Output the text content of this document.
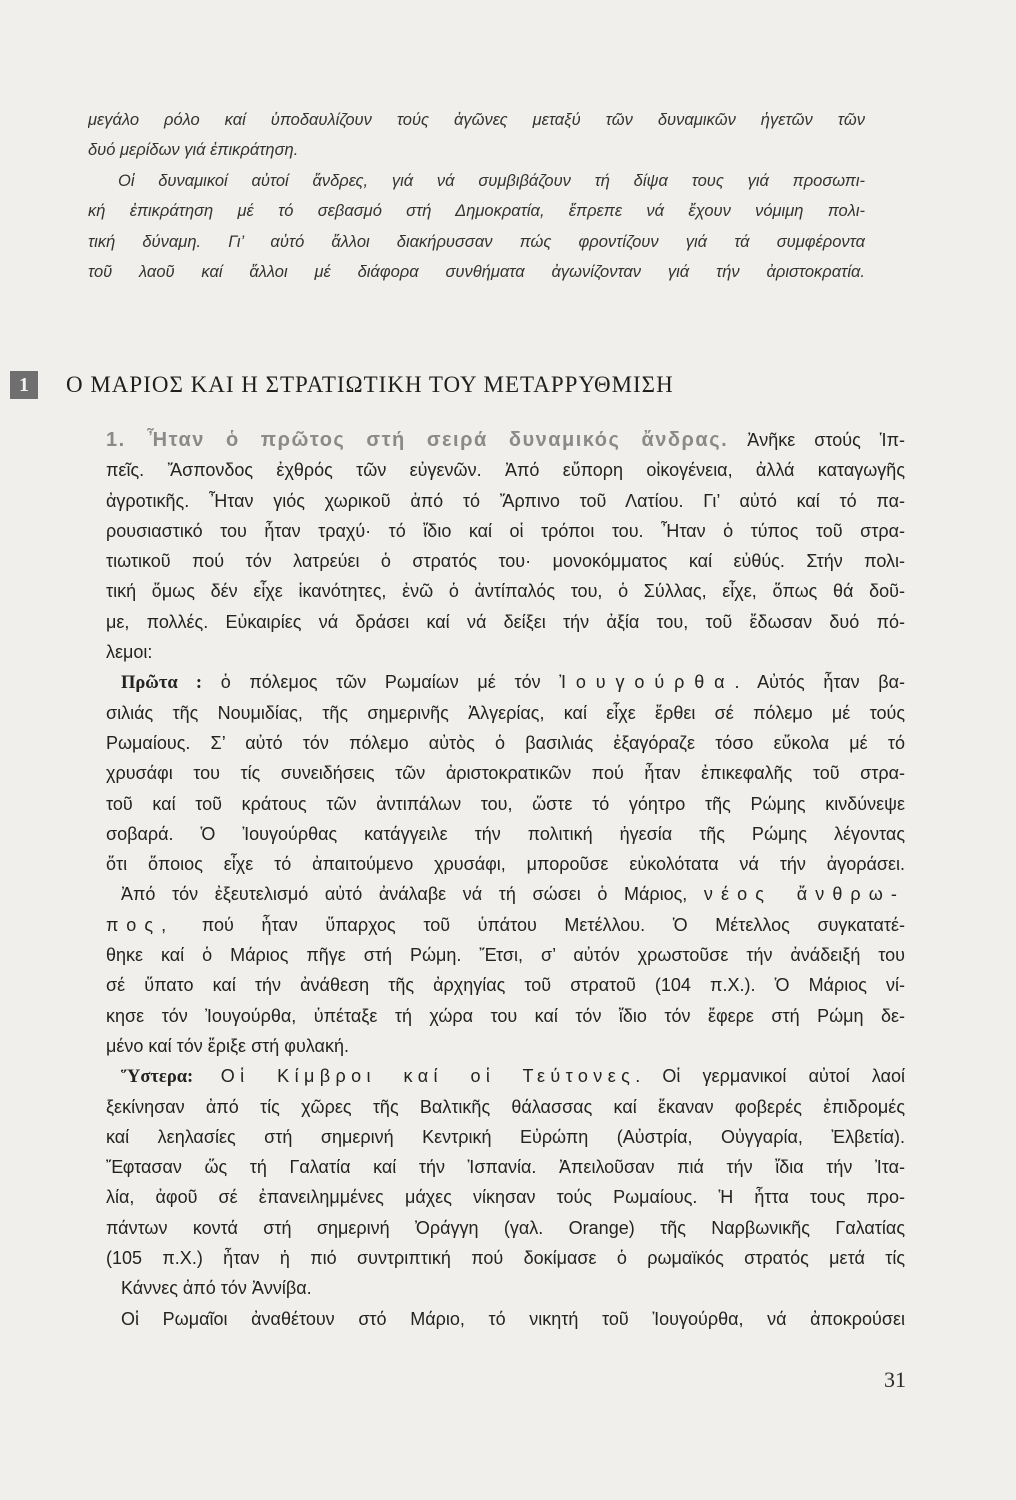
μεγάλο ρόλο καί ὑποδαυλίζουν τούς ἀγῶνες μεταξύ τῶν δυναμικῶν ἡγετῶν τῶν
δυό μερίδων γιά ἐπικράτηση.
Οἱ δυναμικοί αὐτοί ἄνδρες, γιά νά συμβιβάζουν τή δίψα τους γιά προσωπι-
κή ἐπικράτηση μέ τό σεβασμό στή Δημοκρατία, ἔπρεπε νά ἔχουν νόμιμη πολι-
τική δύναμη. Γι’ αὐτό ἄλλοι διακήρυσσαν πώς φροντίζουν γιά τά συμφέροντα
τοῦ λαοῦ καί ἄλλοι μέ διάφορα συνθήματα ἀγωνίζονταν γιά τήν ἀριστοκρατία.
1	Ο ΜΑΡΙΟΣ ΚΑΙ Η ΣΤΡΑΤΙΩΤΙΚΗ ΤΟΥ ΜΕΤΑΡΡΥΘΜΙΣΗ
1. Ἦταν ὁ πρῶτος στή σειρά δυναμικός ἄνδρας. Ἀνῆκε στούς Ἱπ-
πεῖς. Ἄσπονδος ἐχθρός τῶν εὐγενῶν. Ἀπό εὔπορη οἰκογένεια, ἀλλά καταγωγῆς
ἀγροτικῆς. Ἦταν γιός χωρικοῦ ἀπό τό Ἄρπινο τοῦ Λατίου. Γι’ αὐτό καί τό πα-
ρουσιαστικό του ἦταν τραχύ· τό ἴδιο καί οἱ τρόποι του. Ἦταν ὁ τύπος τοῦ στρα-
τιωτικοῦ πού τόν λατρεύει ὁ στρατός του· μονοκόμματος καί εὐθύς. Στήν πολι-
τική ὅμως δέν εἶχε ἱκανότητες, ἐνῶ ὁ ἀντίπαλός του, ὁ Σύλλας, εἶχε, ὅπως θά δοῦ-
με, πολλές. Εὐκαιρίες νά δράσει καί νά δείξει τήν ἀξία του, τοῦ ἔδωσαν δυό πό-
λεμοι:
Πρῶτα : ὁ πόλεμος τῶν Ρωμαίων μέ τόν Ἰουγούρθα. Αὐτός ἦταν βα-
σιλιάς τῆς Νουμιδίας, τῆς σημερινῆς Ἀλγερίας, καί εἶχε ἔρθει σέ πόλεμο μέ τούς
Ρωμαίους. Σ’ αὐτό τόν πόλεμο αὐτὸς ὁ βασιλιάς ἐξαγόραζε τόσο εὔκολα μέ τό
χρυσάφι του τίς συνειδήσεις τῶν ἀριστοκρατικῶν πού ἦταν ἐπικεφαλῆς τοῦ στρα-
τοῦ καί τοῦ κράτους τῶν ἀντιπάλων του, ὥστε τό γόητρο τῆς Ρώμης κινδύνεψε
σοβαρά. Ὁ Ἰουγούρθας κατάγγειλε τήν πολιτική ἡγεσία τῆς Ρώμης λέγοντας
ὅτι ὅποιος εἶχε τό ἀπαιτούμενο χρυσάφι, μποροῦσε εὐκολότατα νά τήν ἀγοράσει.
Ἀπό τόν ἐξευτελισμό αὐτό ἀνάλαβε νά τή σώσει ὁ Μάριος, νέος ἄνθρω-
πος, πού ἦταν ὕπαρχος τοῦ ὑπάτου Μετέλλου. Ὁ Μέτελλος συγκατατέ-
θηκε καί ὁ Μάριος πῆγε στή Ρώμη. Ἔτσι, σ’ αὐτόν χρωστοῦσε τήν ἀνάδειξή του
σέ ὕπατο καί τήν ἀνάθεση τῆς ἀρχηγίας τοῦ στρατοῦ (104 π.Χ.). Ὁ Μάριος νί-
κησε τόν Ἰουγούρθα, ὑπέταξε τή χώρα του καί τόν ἴδιο τόν ἔφερε στή Ρώμη δε-
μένο καί τόν ἔριξε στή φυλακή.
Ὕστερα: Οἱ Κίμβροι καί οἱ Τεύτονες. Οἱ γερμανικοί αὐτοί λαοί
ξεκίνησαν ἀπό τίς χῶρες τῆς Βαλτικῆς θάλασσας καί ἔκαναν φοβερές ἐπιδρομές
καί λεηλασίες στή σημερινή Κεντρική Εὐρώπη (Αὐστρία, Οὐγγαρία, Ἐλβετία).
Ἔφτασαν ὥς τή Γαλατία καί τήν Ἰσπανία. Ἀπειλοῦσαν πιά τήν ἴδια τήν Ἰτα-
λία, ἀφοῦ σέ ἐπανειλημμένες μάχες νίκησαν τούς Ρωμαίους. Ἡ ἧττα τους προ-
πάντων κοντά στή σημερινή Ὀράγγη (γαλ. Orange) τῆς Ναρβωνικῆς Γαλατίας
(105 π.Χ.) ἦταν ἡ πιό συντριπτική πού δοκίμασε ὁ ρωμαϊκός στρατός μετά τίς
Κάννες ἀπό τόν Ἀννίβα.
Οἱ Ρωμαῖοι ἀναθέτουν στό Μάριο, τό νικητή τοῦ Ἰουγούρθα, νά ἀποκρούσει
31
